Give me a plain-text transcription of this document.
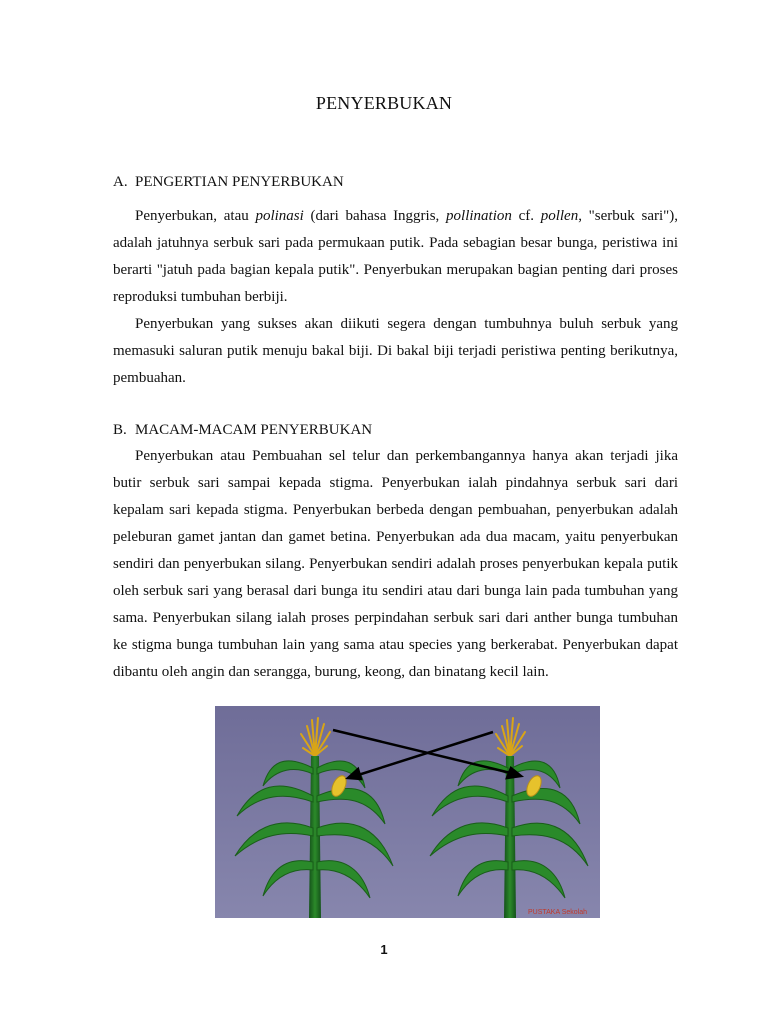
PENYERBUKAN
A. PENGERTIAN PENYERBUKAN

Penyerbukan, atau polinasi (dari bahasa Inggris, pollination cf. pollen, "serbuk sari"), adalah jatuhnya serbuk sari pada permukaan putik. Pada sebagian besar bunga, peristiwa ini berarti "jatuh pada bagian kepala putik". Penyerbukan merupakan bagian penting dari proses reproduksi tumbuhan berbiji.

Penyerbukan yang sukses akan diikuti segera dengan tumbuhnya buluh serbuk yang memasuki saluran putik menuju bakal biji. Di bakal biji terjadi peristiwa penting berikutnya, pembuahan.

B. MACAM-MACAM PENYERBUKAN

Penyerbukan atau Pembuahan sel telur dan perkembangannya hanya akan terjadi jika butir serbuk sari sampai kepada stigma. Penyerbukan ialah pindahnya serbuk sari dari kepalam sari kepada stigma. Penyerbukan berbeda dengan pembuahan, penyerbukan adalah peleburan gamet jantan dan gamet betina. Penyerbukan ada dua macam, yaitu penyerbukan sendiri dan penyerbukan silang. Penyerbukan sendiri adalah proses penyerbukan kepala putik oleh serbuk sari yang berasal dari bunga itu sendiri atau dari bunga lain pada tumbuhan yang sama. Penyerbukan silang ialah proses perpindahan serbuk sari dari anther bunga tumbuhan ke stigma bunga tumbuhan lain yang sama atau species yang berkerabat. Penyerbukan dapat dibantu oleh angin dan serangga, burung, keong, dan binatang kecil lain.

PUSTAKA Sekolah
1
